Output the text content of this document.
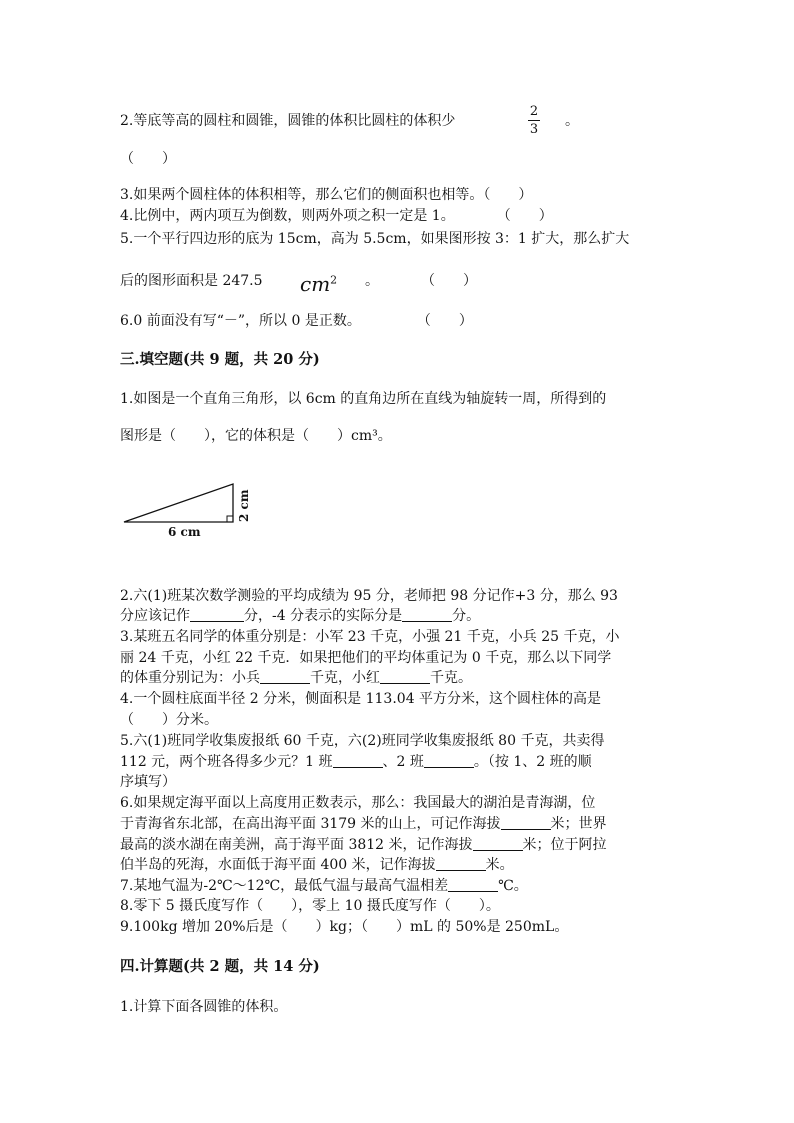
2.等底等高的圆柱和圆锥，圆锥的体积比圆柱的体积少
2
3
。
（　　）
3.如果两个圆柱体的体积相等，那么它们的侧面积也相等。（　　）
4.比例中，两内项互为倒数，则两外项之积一定是 1。　　　　（　　）
5.一个平行四边形的底为 15cm，高为 5.5cm，如果图形按 3：1 扩大，那么扩大
后的图形面积是 247.5 $cm^2$ 。　　　　（　　）
6.0 前面没有写“－”，所以 0 是正数。　　　　　（　　）
三.填空题(共 9 题，共 20 分)
1.如图是一个直角三角形，以 6cm 的直角边所在直线为轴旋转一周，所得到的
图形是（　　），它的体积是（　　）cm³。
6 cm
2 cm
2.六(1)班某次数学测验的平均成绩为 95 分，老师把 98 分记作+3 分，那么 93
分应该记作	分，-4 分表示的实际分是	分。
3.某班五名同学的体重分别是：小军 23 千克，小强 21 千克，小兵 25 千克，小
丽 24 千克，小红 22 千克．如果把他们的平均体重记为 0 千克，那么以下同学
的体重分别记为：小兵	千克，小红	千克。
4.一个圆柱底面半径 2 分米，侧面积是 113.04 平方分米，这个圆柱体的高是
（　　）分米。
5.六(1)班同学收集废报纸 60 千克，六(2)班同学收集废报纸 80 千克，共卖得
112 元，两个班各得多少元？1 班	、2 班	。（按 1、2 班的顺
序填写）
6.如果规定海平面以上高度用正数表示，那么：我国最大的湖泊是青海湖，位
于青海省东北部，在高出海平面 3179 米的山上，可记作海拔	米；世界
最高的淡水湖在南美洲，高于海平面 3812 米，记作海拔	米；位于阿拉
伯半岛的死海，水面低于海平面 400 米，记作海拔	米。
7.某地气温为-2℃～12℃，最低气温与最高气温相差	℃。
8.零下 5 摄氏度写作（　　），零上 10 摄氏度写作（　　）。
9.100kg 增加 20%后是（　　）kg；（　　）mL 的 50%是 250mL。
四.计算题(共 2 题，共 14 分)
1.计算下面各圆锥的体积。
